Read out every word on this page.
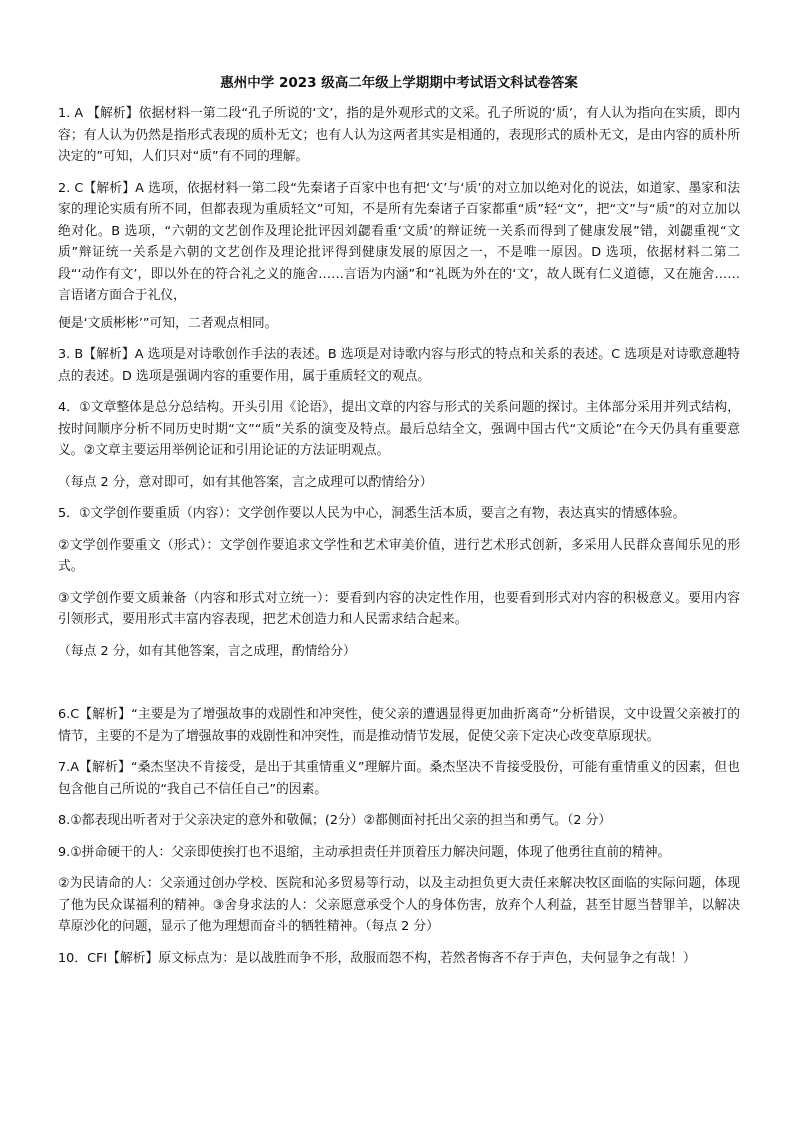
惠州中学 2023 级高二年级上学期期中考试语文科试卷答案
1. A 【解析】依据材料一第二段“孔子所说的‘文’，指的是外观形式的文采。孔子所说的‘质’，有人认为指向在实质，即内容；有人认为仍然是指形式表现的质朴无文；也有人认为这两者其实是相通的，表现形式的质朴无文，是由内容的质朴所决定的”可知，人们只对“质”有不同的理解。
2. C【解析】A 选项，依据材料一第二段“先秦诸子百家中也有把‘文’与‘质’的对立加以绝对化的说法，如道家、墨家和法家的理论实质有所不同，但都表现为重质轻文”可知，不是所有先秦诸子百家都重“质”轻“文”，把“文”与“质”的对立加以绝对化。B 选项，“六朝的文艺创作及理论批评因刘勰看重‘文质’的辩证统一关系而得到了健康发展”错，刘勰重视“文质”辩证统一关系是六朝的文艺创作及理论批评得到健康发展的原因之一，不是唯一原因。D 选项，依据材料二第二段“‘动作有文’，即以外在的符合礼之义的施舍……言语为内涵”和“礼既为外在的‘文’，故人既有仁义道德，又在施舍……言语诸方面合于礼仪，
便是‘文质彬彬’”可知，二者观点相同。
3. B【解析】A 选项是对诗歌创作手法的表述。B 选项是对诗歌内容与形式的特点和关系的表述。C 选项是对诗歌意趣特点的表述。D 选项是强调内容的重要作用，属于重质轻文的观点。
4．①文章整体是总分总结构。开头引用《论语》，提出文章的内容与形式的关系问题的探讨。主体部分采用并列式结构，按时间顺序分析不同历史时期“文”“质”关系的演变及特点。最后总结全文，强调中国古代“文质论”在今天仍具有重要意义。②文章主要运用举例论证和引用论证的方法证明观点。
（每点 2 分，意对即可，如有其他答案，言之成理可以酌情给分）
5．①文学创作要重质（内容）：文学创作要以人民为中心，洞悉生活本质，要言之有物，表达真实的情感体验。
②文学创作要重文（形式）：文学创作要追求文学性和艺术审美价值，进行艺术形式创新，多采用人民群众喜闻乐见的形式。
③文学创作要文质兼备（内容和形式对立统一）：要看到内容的决定性作用，也要看到形式对内容的积极意义。要用内容引领形式，要用形式丰富内容表现，把艺术创造力和人民需求结合起来。
（每点 2 分，如有其他答案，言之成理，酌情给分）
6.C【解析】“主要是为了增强故事的戏剧性和冲突性，使父亲的遭遇显得更加曲折离奇”分析错误，文中设置父亲被打的情节，主要的不是为了增强故事的戏剧性和冲突性，而是推动情节发展，促使父亲下定决心改变草原现状。
7.A【解析】“桑杰坚决不肯接受，是出于其重情重义”理解片面。桑杰坚决不肯接受股份，可能有重情重义的因素，但也包含他自己所说的“我自己不信任自己”的因素。
8.①都表现出听者对于父亲决定的意外和敬佩；(2分）②都侧面衬托出父亲的担当和勇气。（2 分）
9.①拼命硬干的人：父亲即使挨打也不退缩，主动承担责任并顶着压力解决问题，体现了他勇往直前的精神。
②为民请命的人：父亲通过创办学校、医院和沁多贸易等行动，以及主动担负更大责任来解决牧区面临的实际问题，体现了他为民众谋福利的精神。③舍身求法的人：父亲愿意承受个人的身体伤害，放弃个人利益，甚至甘愿当替罪羊，以解决草原沙化的问题，显示了他为理想而奋斗的牺牲精神。（每点 2 分）
10．CFI【解析】原文标点为：是以战胜而争不形，敌服而怨不构，若然者悔吝不存于声色，夫何显争之有哉！）
